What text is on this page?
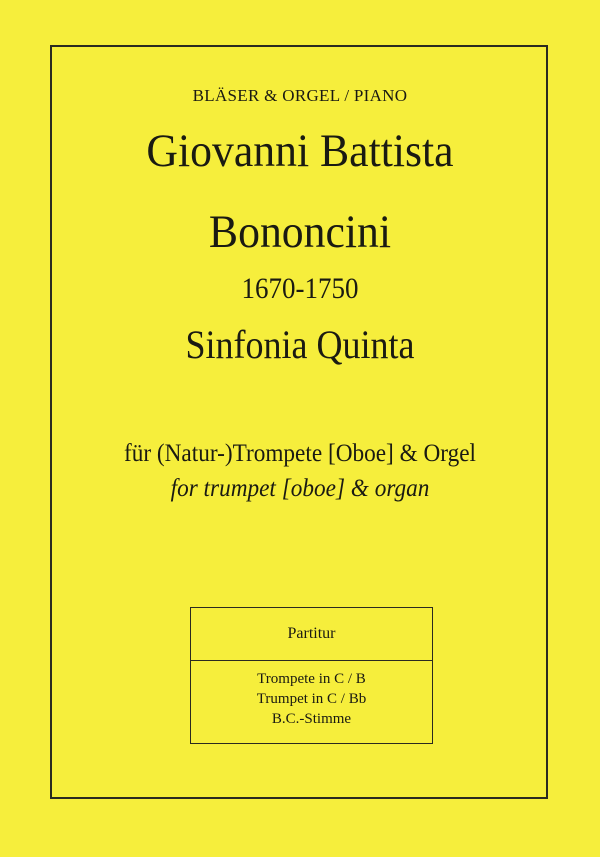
BLÄSER & ORGEL / PIANO
Giovanni Battista
Bononcini
1670-1750
Sinfonia Quinta
für (Natur-)Trompete [Oboe] & Orgel
for trumpet [oboe] & organ
Partitur
Trompete in C / B
Trumpet in C / Bb
B.C.-Stimme
